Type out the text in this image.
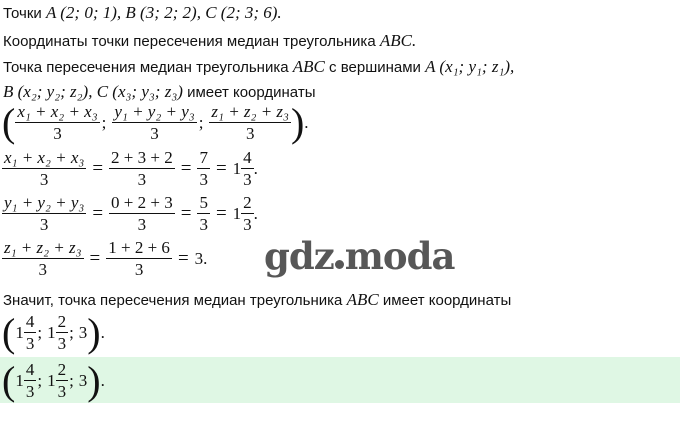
Точки A (2; 0; 1), B (3; 2; 2), C (2; 3; 6).
Координаты точки пересечения медиан треугольника ABC.
Точка пересечения медиан треугольника ABC с вершинами A (x₁; y₁; z₁),
B (x₂; y₂; z₂), C (x₃; y₃; z₃) имеет координаты
( $\frac{\text{x₁ + x₂ + x₃}}{3}$ ; $\frac{\text{y₁ + y₂ + y₃}}{3}$ ; $\frac{\text{z₁ + z₂ + z₃}}{3}$ ) .
$\frac{\text{x₁ + x₂ + x₃}}{3} = \frac{2 + 3 + 2}{3} = \frac{7}{3} = 1 \frac{4}{3}$ .
$\frac{\text{y₁ + y₂ + y₃}}{3} = \frac{0 + 2 + 3}{3} = \frac{5}{3} = 1 \frac{2}{3}$ .
$\frac{\text{z₁ + z₂ + z₃}}{3} = \frac{1 + 2 + 6}{3} = 3$. gdz moda
Значит, точка пересечения медиан треугольника ABC имеет координаты
( $1 \frac{4}{3}$ ; $1 \frac{2}{3}$ ; 3 ) .
( $1 \frac{4}{3}$ ; $1 \frac{2}{3}$ ; 3 ) .
